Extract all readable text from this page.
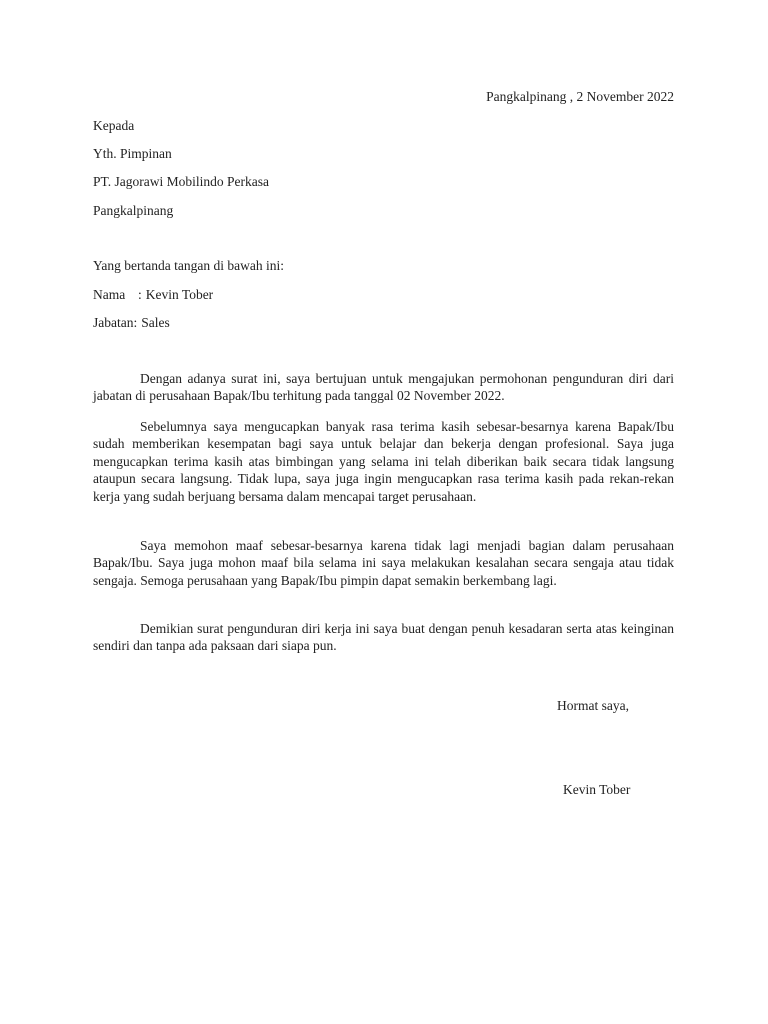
Pangkalpinang , 2 November 2022

Kepada

Yth. Pimpinan

PT. Jagorawi Mobilindo Perkasa

Pangkalpinang

Yang bertanda tangan di bawah ini:

Nama : Kevin Tober
Jabatan : Sales

Dengan adanya surat ini, saya bertujuan untuk mengajukan permohonan pengunduran diri dari jabatan di perusahaan Bapak/Ibu terhitung pada tanggal 02 November 2022.

Sebelumnya saya mengucapkan banyak rasa terima kasih sebesar-besarnya karena Bapak/Ibu sudah memberikan kesempatan bagi saya untuk belajar dan bekerja dengan profesional. Saya juga mengucapkan terima kasih atas bimbingan yang selama ini telah diberikan baik secara tidak langsung ataupun secara langsung. Tidak lupa, saya juga ingin mengucapkan rasa terima kasih pada rekan-rekan kerja yang sudah berjuang bersama dalam mencapai target perusahaan.

Saya memohon maaf sebesar-besarnya karena tidak lagi menjadi bagian dalam perusahaan Bapak/Ibu. Saya juga mohon maaf bila selama ini saya melakukan kesalahan secara sengaja atau tidak sengaja. Semoga perusahaan yang Bapak/Ibu pimpin dapat semakin berkembang lagi.

Demikian surat pengunduran diri kerja ini saya buat dengan penuh kesadaran serta atas keinginan sendiri dan tanpa ada paksaan dari siapa pun.

Hormat saya,

Kevin Tober
